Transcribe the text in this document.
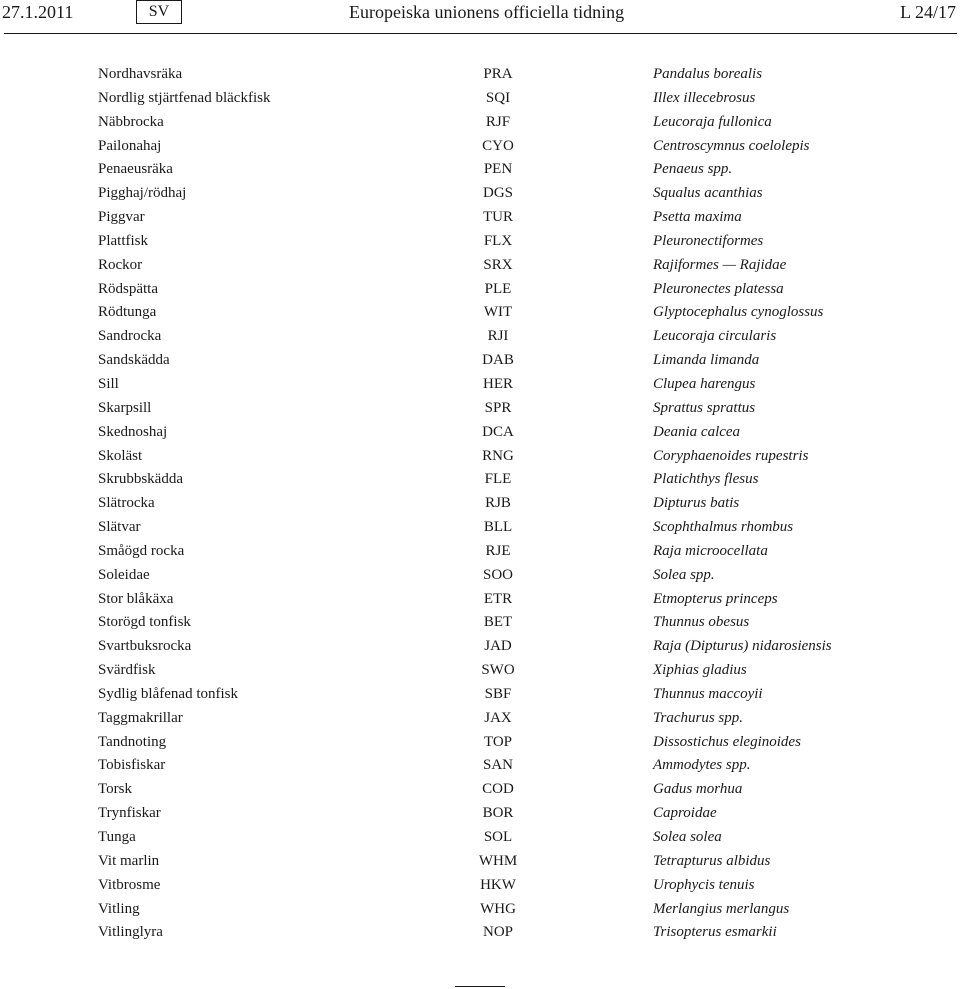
27.1.2011	SV	Europeiska unionens officiella tidning	L 24/17
Nordhavsräka	PRA	Pandalus borealis
Nordlig stjärtfenad bläckfisk	SQI	Illex illecebrosus
Näbbrocka	RJF	Leucoraja fullonica
Pailonahaj	CYO	Centroscymnus coelolepis
Penaeusräka	PEN	Penaeus spp.
Pigghaj/rödhaj	DGS	Squalus acanthias
Piggvar	TUR	Psetta maxima
Plattfisk	FLX	Pleuronectiformes
Rockor	SRX	Rajiformes — Rajidae
Rödspätta	PLE	Pleuronectes platessa
Rödtunga	WIT	Glyptocephalus cynoglossus
Sandrocka	RJI	Leucoraja circularis
Sandskädda	DAB	Limanda limanda
Sill	HER	Clupea harengus
Skarpsill	SPR	Sprattus sprattus
Skednoshaj	DCA	Deania calcea
Skoläst	RNG	Coryphaenoides rupestris
Skrubbskädda	FLE	Platichthys flesus
Slätrocka	RJB	Dipturus batis
Slätvar	BLL	Scophthalmus rhombus
Småögd rocka	RJE	Raja microocellata
Soleidae	SOO	Solea spp.
Stor blåkäxa	ETR	Etmopterus princeps
Storögd tonfisk	BET	Thunnus obesus
Svartbuksrocka	JAD	Raja (Dipturus) nidarosiensis
Svärdfisk	SWO	Xiphias gladius
Sydlig blåfenad tonfisk	SBF	Thunnus maccoyii
Taggmakrillar	JAX	Trachurus spp.
Tandnoting	TOP	Dissostichus eleginoides
Tobisfiskar	SAN	Ammodytes spp.
Torsk	COD	Gadus morhua
Trynfiskar	BOR	Caproidae
Tunga	SOL	Solea solea
Vit marlin	WHM	Tetrapturus albidus
Vitbrosme	HKW	Urophycis tenuis
Vitling	WHG	Merlangius merlangus
Vitlinglyra	NOP	Trisopterus esmarkii
